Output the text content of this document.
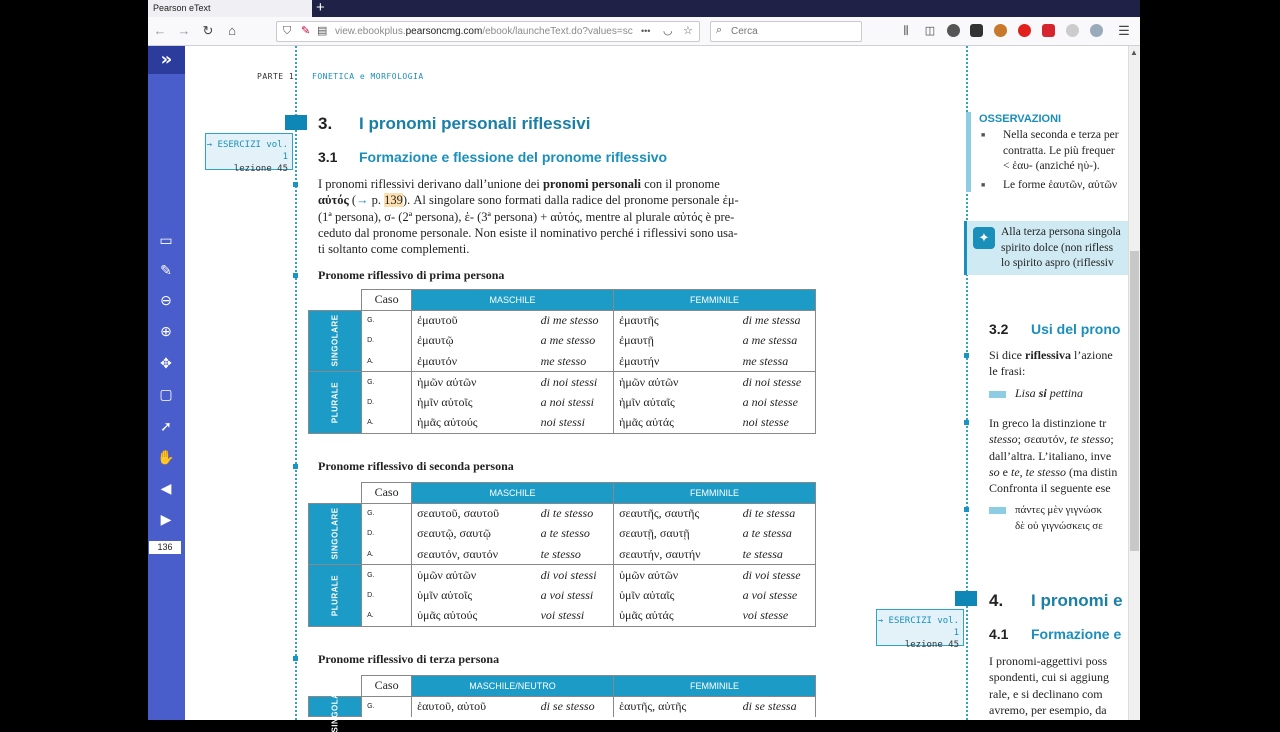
Pearson eText	+
← → ↻	⌂	⛉ ✎ ▤ view.ebookplus.pearsoncmg.com/ebook/launcheText.do?values=sc ••• ◡ ☆ ⌕
Cerca	⫼	◫	☰
»
▭
✎
⊖
⊕
✥
▢
➚
✋
◀
▶
136
PARTE 1 FONETICA e MORFOLOGIA
→ ESERCIZI vol. 1
lezione 45
3. I pronomi personali riflessivi
3.1 Formazione e flessione del pronome riflessivo
I pronomi riflessivi derivano dall’unione dei pronomi personali con il pronome
αὐτός (→ p. 139). Al singolare sono formati dalla radice del pronome personale ἐμ-
(1ª persona), σ- (2ª persona), ἑ- (3ª persona) + αὐτός, mentre al plurale αὐτός è pre-
ceduto dal pronome personale. Non esiste il nominativo perché i riflessivi sono usa-
ti soltanto come complementi.
Pronome riflessivo di prima persona
	Caso	MASCHILE		FEMMINILE	

SINGOLARE	G.	ἐμαυτοῦ	di me stesso	ἐμαυτῆς	di me stessa
	D.	ἐμαυτῷ	a me stesso	ἐμαυτῇ	a me stessa
	A.	ἐμαυτόν	me stesso	ἐμαυτήν	me stessa

PLURALE	G.	ἡμῶν αὐτῶν	di noi stessi	ἡμῶν αὐτῶν	di noi stesse
	D.	ἡμῖν αὐτοῖς	a noi stessi	ἡμῖν αὐταῖς	a noi stesse
	A.	ἡμᾶς αὐτούς	noi stessi	ἡμᾶς αὐτάς	noi stesse
Pronome riflessivo di seconda persona
	Caso	MASCHILE		FEMMINILE	

SINGOLARE	G.	σεαυτοῦ, σαυτοῦ	di te stesso	σεαυτῆς, σαυτῆς	di te stessa
	D.	σεαυτῷ, σαυτῷ	a te stesso	σεαυτῇ, σαυτῇ	a te stessa
	A.	σεαυτόν, σαυτόν	te stesso	σεαυτήν, σαυτήν	te stessa

PLURALE	G.	ὑμῶν αὐτῶν	di voi stessi	ὑμῶν αὐτῶν	di voi stesse
	D.	ὑμῖν αὐτοῖς	a voi stessi	ὑμῖν αὐταῖς	a voi stesse
	A.	ὑμᾶς αὐτούς	voi stessi	ὑμᾶς αὐτάς	voi stesse
Pronome riflessivo di terza persona
	Caso	MASCHILE/NEUTRO		FEMMINILE	

SINGOLARE	G.	ἑαυτοῦ, αὑτοῦ	di se stesso	ἑαυτῆς, αὑτῆς	di se stessa
OSSERVAZIONI
■ Nella seconda e terza per
contratta. Le più frequer
< ἑαυ- (anziché ηὑ-).
■ Le forme ἑαυτῶν, αὐτῶν
✦	Alla terza persona singola
spirito dolce (non rifless
lo spirito aspro (riflessiv
3.2 Usi del prono
Si dice riflessiva l’azione
le frasi:
Lisa si pettina
In greco la distinzione tr
stesso; σεαυτόν, te stesso;
dall’altra. L’italiano, inve
so e te, te stesso (ma distin
Confronta il seguente ese
πάντες μὲν γιγνώσκ
δὲ οὐ γιγνώσκεις σε
4. I pronomi e
4.1 Formazione e
I pronomi-aggettivi poss
spondenti, cui si aggiung
rale, e si declinano com
avremo, per esempio, da
→ ESERCIZI vol. 1
lezione 45
▲
